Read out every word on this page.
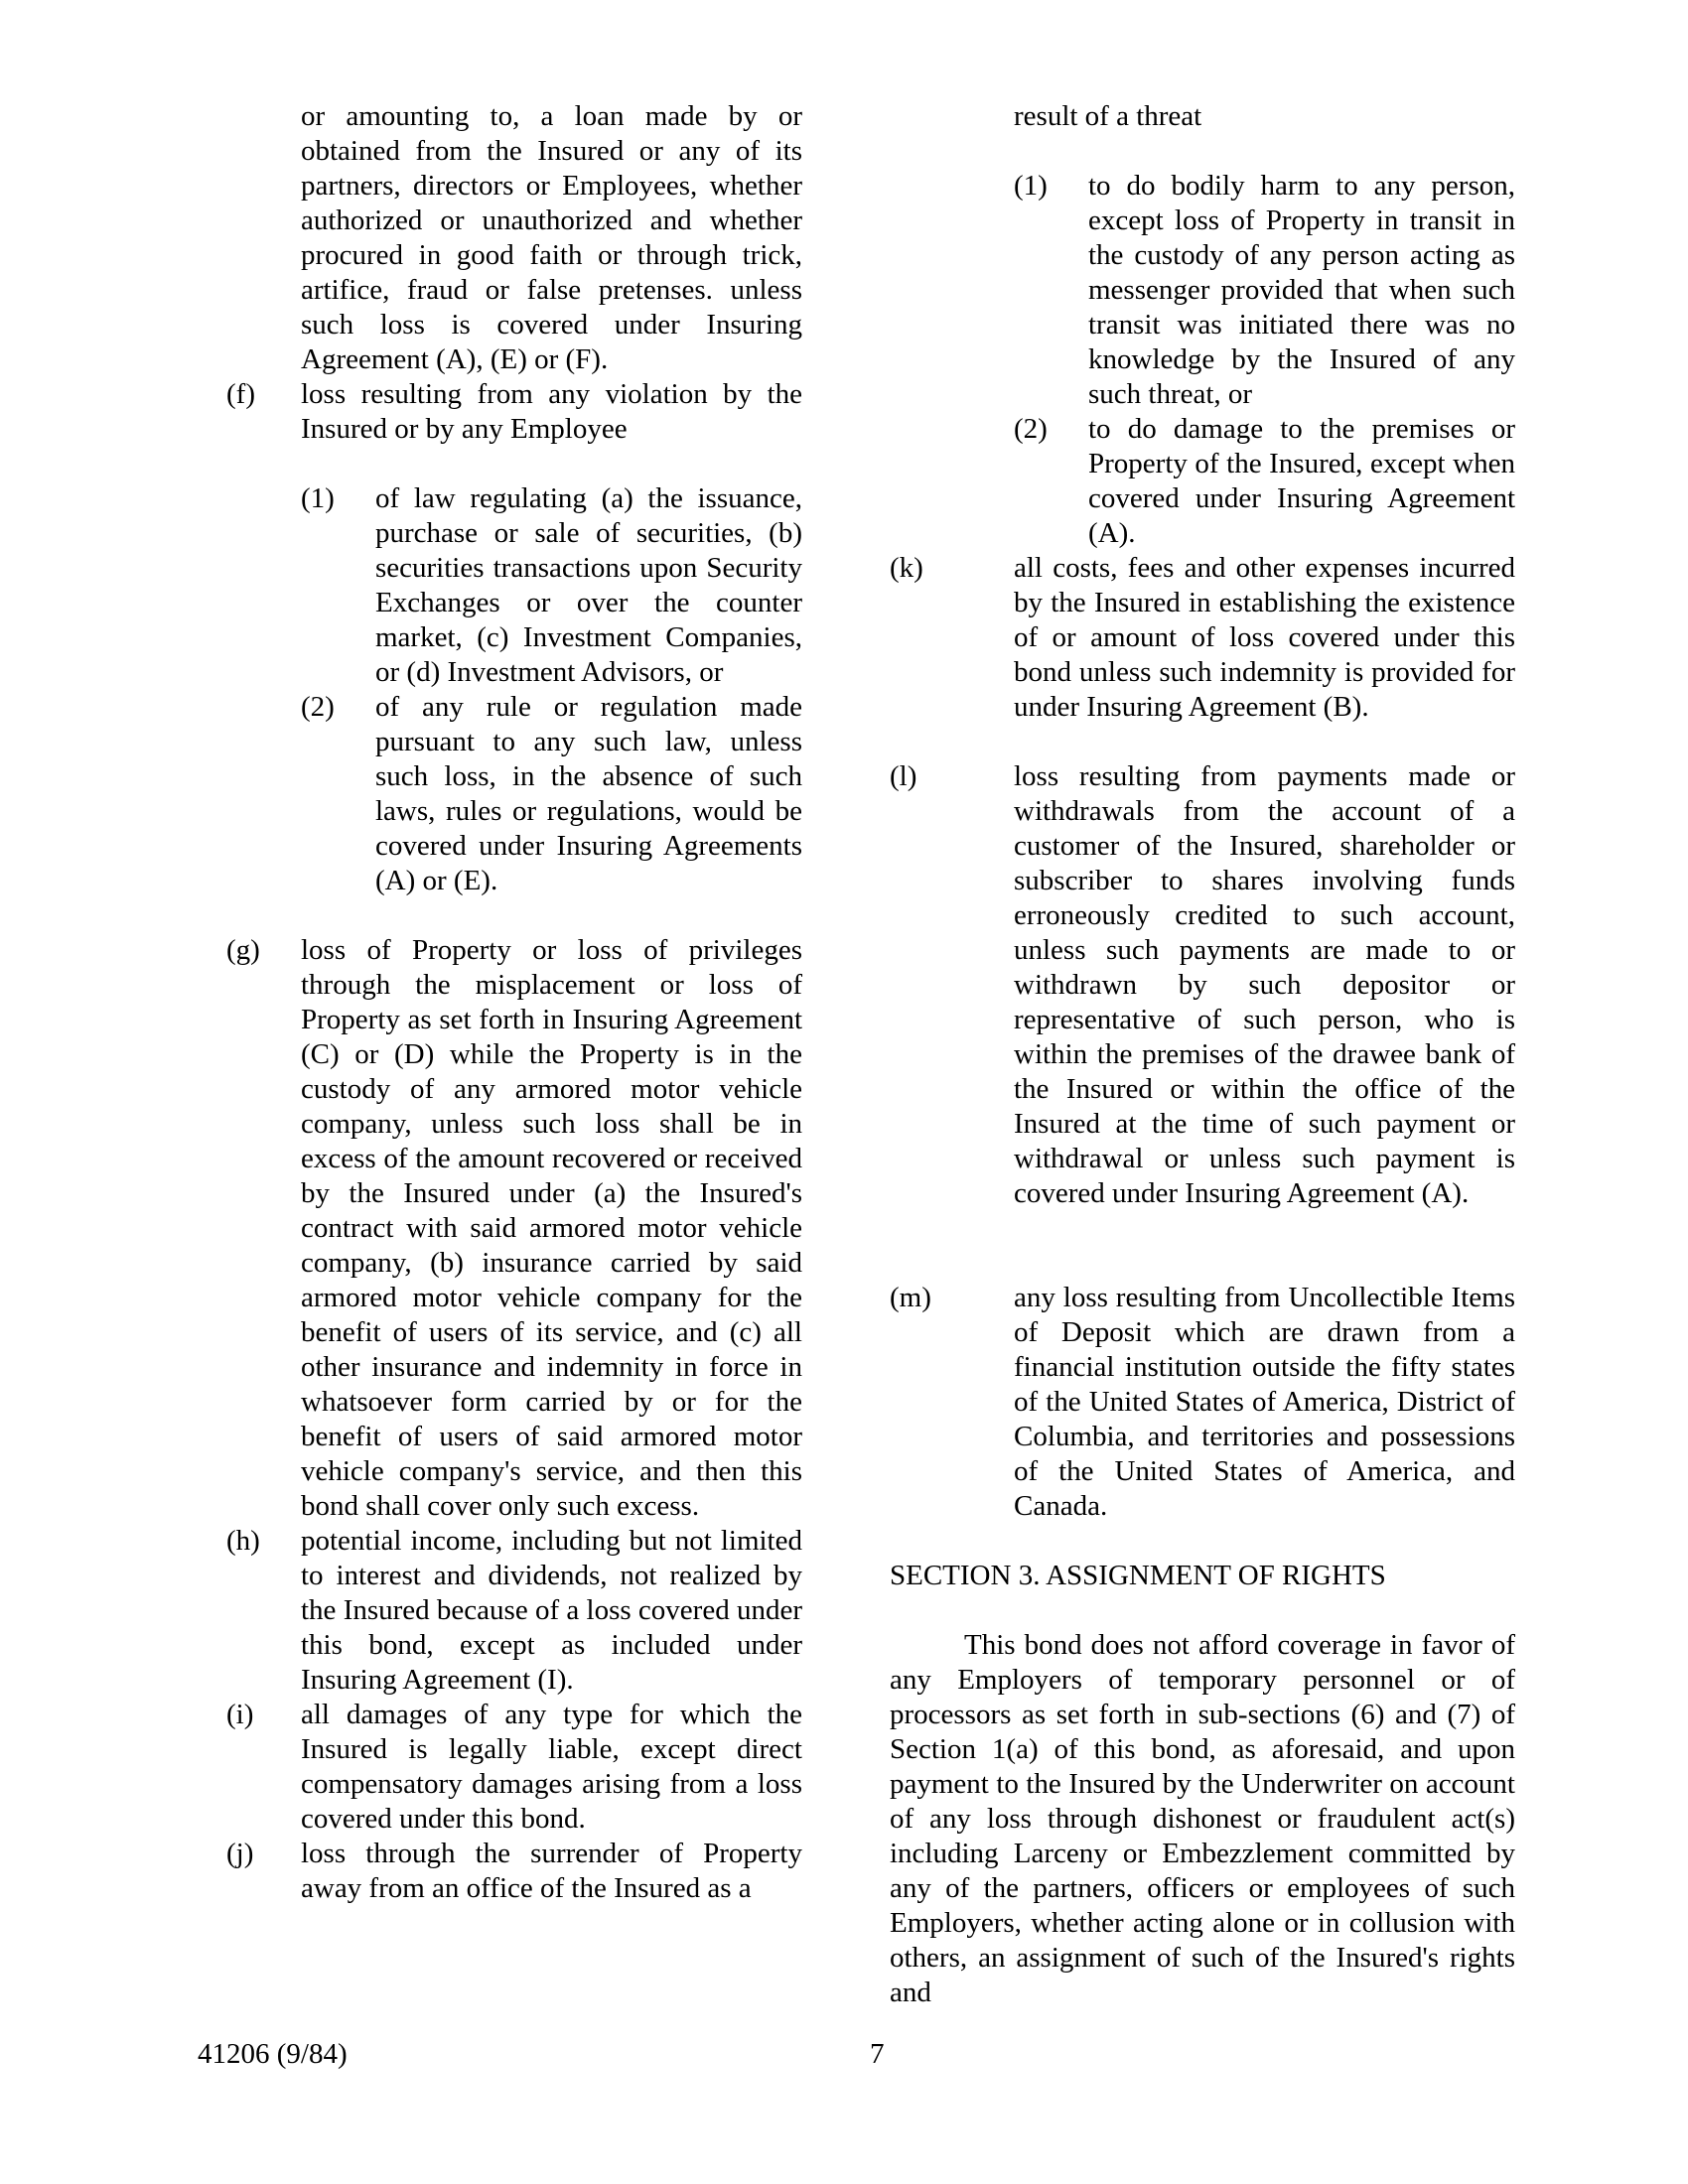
or amounting to, a loan made by or obtained from the Insured or any of its partners, directors or Employees, whether authorized or unauthorized and whether procured in good faith or through trick, artifice, fraud or false pretenses. unless such loss is covered under Insuring Agreement (A), (E) or (F).

(f)	loss resulting from any violation by the Insured or by any Employee
(1)	of law regulating (a) the issuance, purchase or sale of securities, (b) securities transactions upon Security Exchanges or over the counter market, (c) Investment Companies, or (d) Investment Advisors, or
(2)	of any rule or regulation made pursuant to any such law, unless such loss, in the absence of such laws, rules or regulations, would be covered under Insuring Agreements (A) or (E).
(g)	loss of Property or loss of privileges through the misplacement or loss of Property as set forth in Insuring Agreement (C) or (D) while the Property is in the custody of any armored motor vehicle company, unless such loss shall be in excess of the amount recovered or received by the Insured under (a) the Insured's contract with said armored motor vehicle company, (b) insurance carried by said armored motor vehicle company for the benefit of users of its service, and (c) all other insurance and indemnity in force in whatsoever form carried by or for the benefit of users of said armored motor vehicle company's service, and then this bond shall cover only such excess.
(h)	potential income, including but not limited to interest and dividends, not realized by the Insured because of a loss covered under this bond, except as included under Insuring Agreement (I).
(i)	all damages of any type for which the Insured is legally liable, except direct compensatory damages arising from a loss covered under this bond.
(j)	loss through the surrender of Property away from an office of the Insured as a

result of a threat

(1)	to do bodily harm to any person, except loss of Property in transit in the custody of any person acting as messenger provided that when such transit was initiated there was no knowledge by the Insured of any such threat, or
(2)	to do damage to the premises or Property of the Insured, except when covered under Insuring Agreement (A).
(k)	all costs, fees and other expenses incurred by the Insured in establishing the existence of or amount of loss covered under this bond unless such indemnity is provided for under Insuring Agreement (B).
(l)	loss resulting from payments made or withdrawals from the account of a customer of the Insured, shareholder or subscriber to shares involving funds erroneously credited to such account, unless such payments are made to or withdrawn by such depositor or representative of such person, who is within the premises of the drawee bank of the Insured or within the office of the Insured at the time of such payment or withdrawal or unless such payment is covered under Insuring Agreement (A).
(m)	any loss resulting from Uncollectible Items of Deposit which are drawn from a financial institution outside the fifty states of the United States of America, District of Columbia, and territories and possessions of the United States of America, and Canada.

SECTION 3. ASSIGNMENT OF RIGHTS

This bond does not afford coverage in favor of any Employers of temporary personnel or of processors as set forth in sub-sections (6) and (7) of Section 1(a) of this bond, as aforesaid, and upon payment to the Insured by the Underwriter on account of any loss through dishonest or fraudulent act(s) including Larceny or Embezzlement committed by any of the partners, officers or employees of such Employers, whether acting alone or in collusion with others, an assignment of such of the Insured's rights and

41206 (9/84)	7
